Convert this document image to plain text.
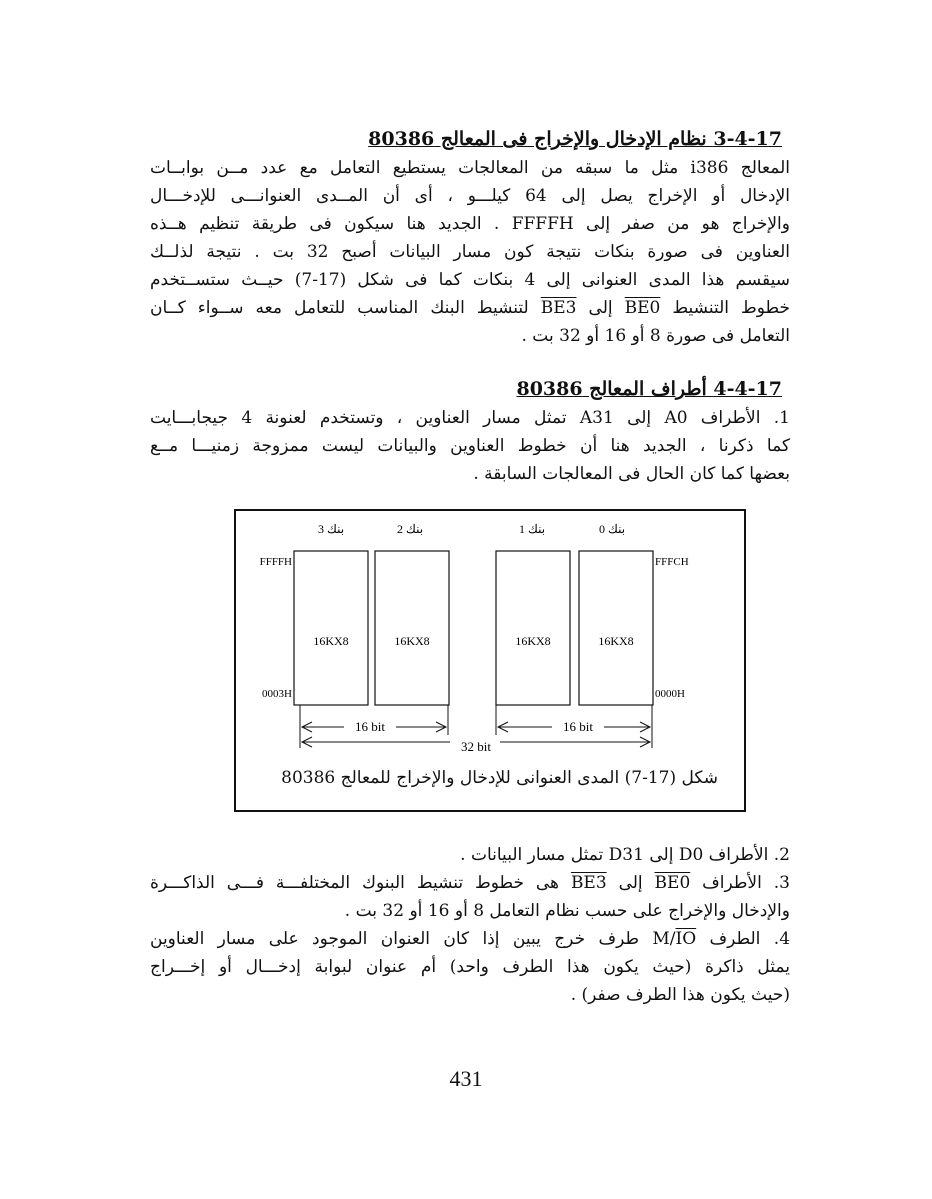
3-4-17 نظام الإدخال والإخراج فى المعالج 80386
المعالج i386 مثل ما سبقه من المعالجات يستطيع التعامل مع عدد مــن بوابــات
الإدخال أو الإخراج يصل إلى 64 كيلـــو ، أى أن المــدى العنوانـــى للإدخـــال
والإخراج هو من صفر إلى FFFFH . الجديد هنا سيكون فى طريقة تنظيم هــذه
العناوين فى صورة بنكات نتيجة كون مسار البيانات أصبح 32 بت . نتيجة لذلــك
سيقسم هذا المدى العنوانى إلى 4 بنكات كما فى شكل (17-7) حيــث ستســتخدم
خطوط التنشيط BE0 إلى BE3 لتنشيط البنك المناسب للتعامل معه ســواء كــان
التعامل فى صورة 8 أو 16 أو 32 بت .
4-4-17 أطراف المعالج 80386
1. الأطراف A0 إلى A31 تمثل مسار العناوين ، وتستخدم لعنونة 4 جيجابـــايت
كما ذكرنا ، الجديد هنا أن خطوط العناوين والبيانات ليست ممزوجة زمنيـــا مــع
بعضها كما كان الحال فى المعالجات السابقة .
بنك 3	بنك 2	بنك 1	بنك 0
16KX8	16KX8	16KX8	16KX8
FFFFH
0003H
FFFCH
0000H
16 bit	16 bit
32 bit
شكل (17-7) المدى العنوانى للإدخال والإخراج للمعالج 80386
2. الأطراف D0 إلى D31 تمثل مسار البيانات .
3. الأطراف BE0 إلى BE3 هى خطوط تنشيط البنوك المختلفـــة فـــى الذاكـــرة
والإدخال والإخراج على حسب نظام التعامل 8 أو 16 أو 32 بت .
4. الطرف M/IO طرف خرج يبين إذا كان العنوان الموجود على مسار العناوين
يمثل ذاكرة (حيث يكون هذا الطرف واحد) أم عنوان لبوابة إدخـــال أو إخـــراج
(حيث يكون هذا الطرف صفر) .
431
